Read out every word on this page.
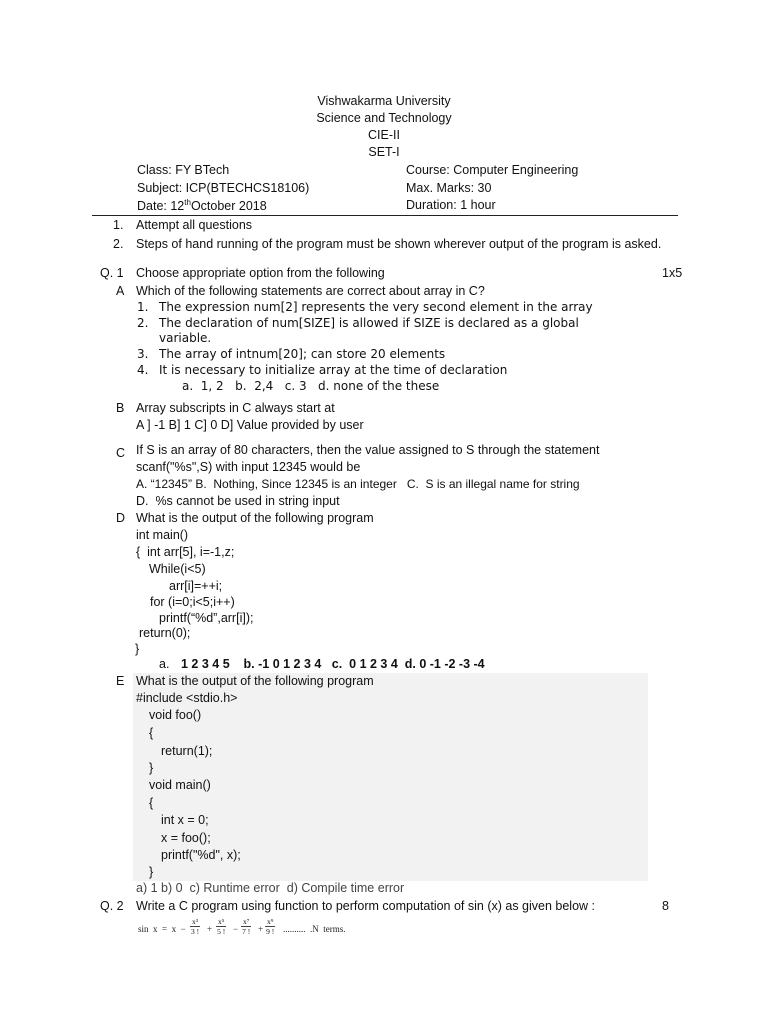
Vishwakarma University
Science and Technology
CIE-II
SET-I
Class: FY BTech	Course: Computer Engineering
Subject: ICP(BTECHCS18106)	Max. Marks: 30
Date: 12thOctober 2018	Duration: 1 hour
1. Attempt all questions
2. Steps of hand running of the program must be shown wherever output of the program is asked.
Q. 1 Choose appropriate option from the following	1x5
A Which of the following statements are correct about array in C?
1. The expression num[2] represents the very second element in the array
2. The declaration of num[SIZE] is allowed if SIZE is declared as a global
variable.
3. The array of intnum[20]; can store 20 elements
4. It is necessary to initialize array at the time of declaration
a.  1, 2   b.  2,4   c. 3   d. none of the these
B Array subscripts in C always start at
A ] -1 B] 1 C] 0 D] Value provided by user
C If S is an array of 80 characters, then the value assigned to S through the statement
scanf("%s",S) with input 12345 would be
A. “12345” B.  Nothing, Since 12345 is an integer   C.  S is an illegal name for string
D.  %s cannot be used in string input
D What is the output of the following program
int main()
{  int arr[5], i=-1,z;
While(i<5)
arr[i]=++i;
for (i=0;i<5;i++)
printf(“%d”,arr[i]);
return(0);
}
a. 1 2 3 4 5    b. -1 0 1 2 3 4   c.  0 1 2 3 4  d. 0 -1 -2 -3 -4
E What is the output of the following program
#include <stdio.h>
void foo()
{
return(1);
}
void main()
{
int x = 0;
x = foo();
printf("%d", x);
}
a) 1 b) 0  c) Runtime error  d) Compile time error
Q. 2 Write a C program using function to perform computation of sin (x) as given below :	8
$\sin x = x - \frac{\text{x³}}{3 !} + \frac{\text{x⁵}}{5 !} - \frac{\text{x⁷}}{7 !} + \frac{\text{x⁹}}{9 !}$ ..........  .N  terms.
